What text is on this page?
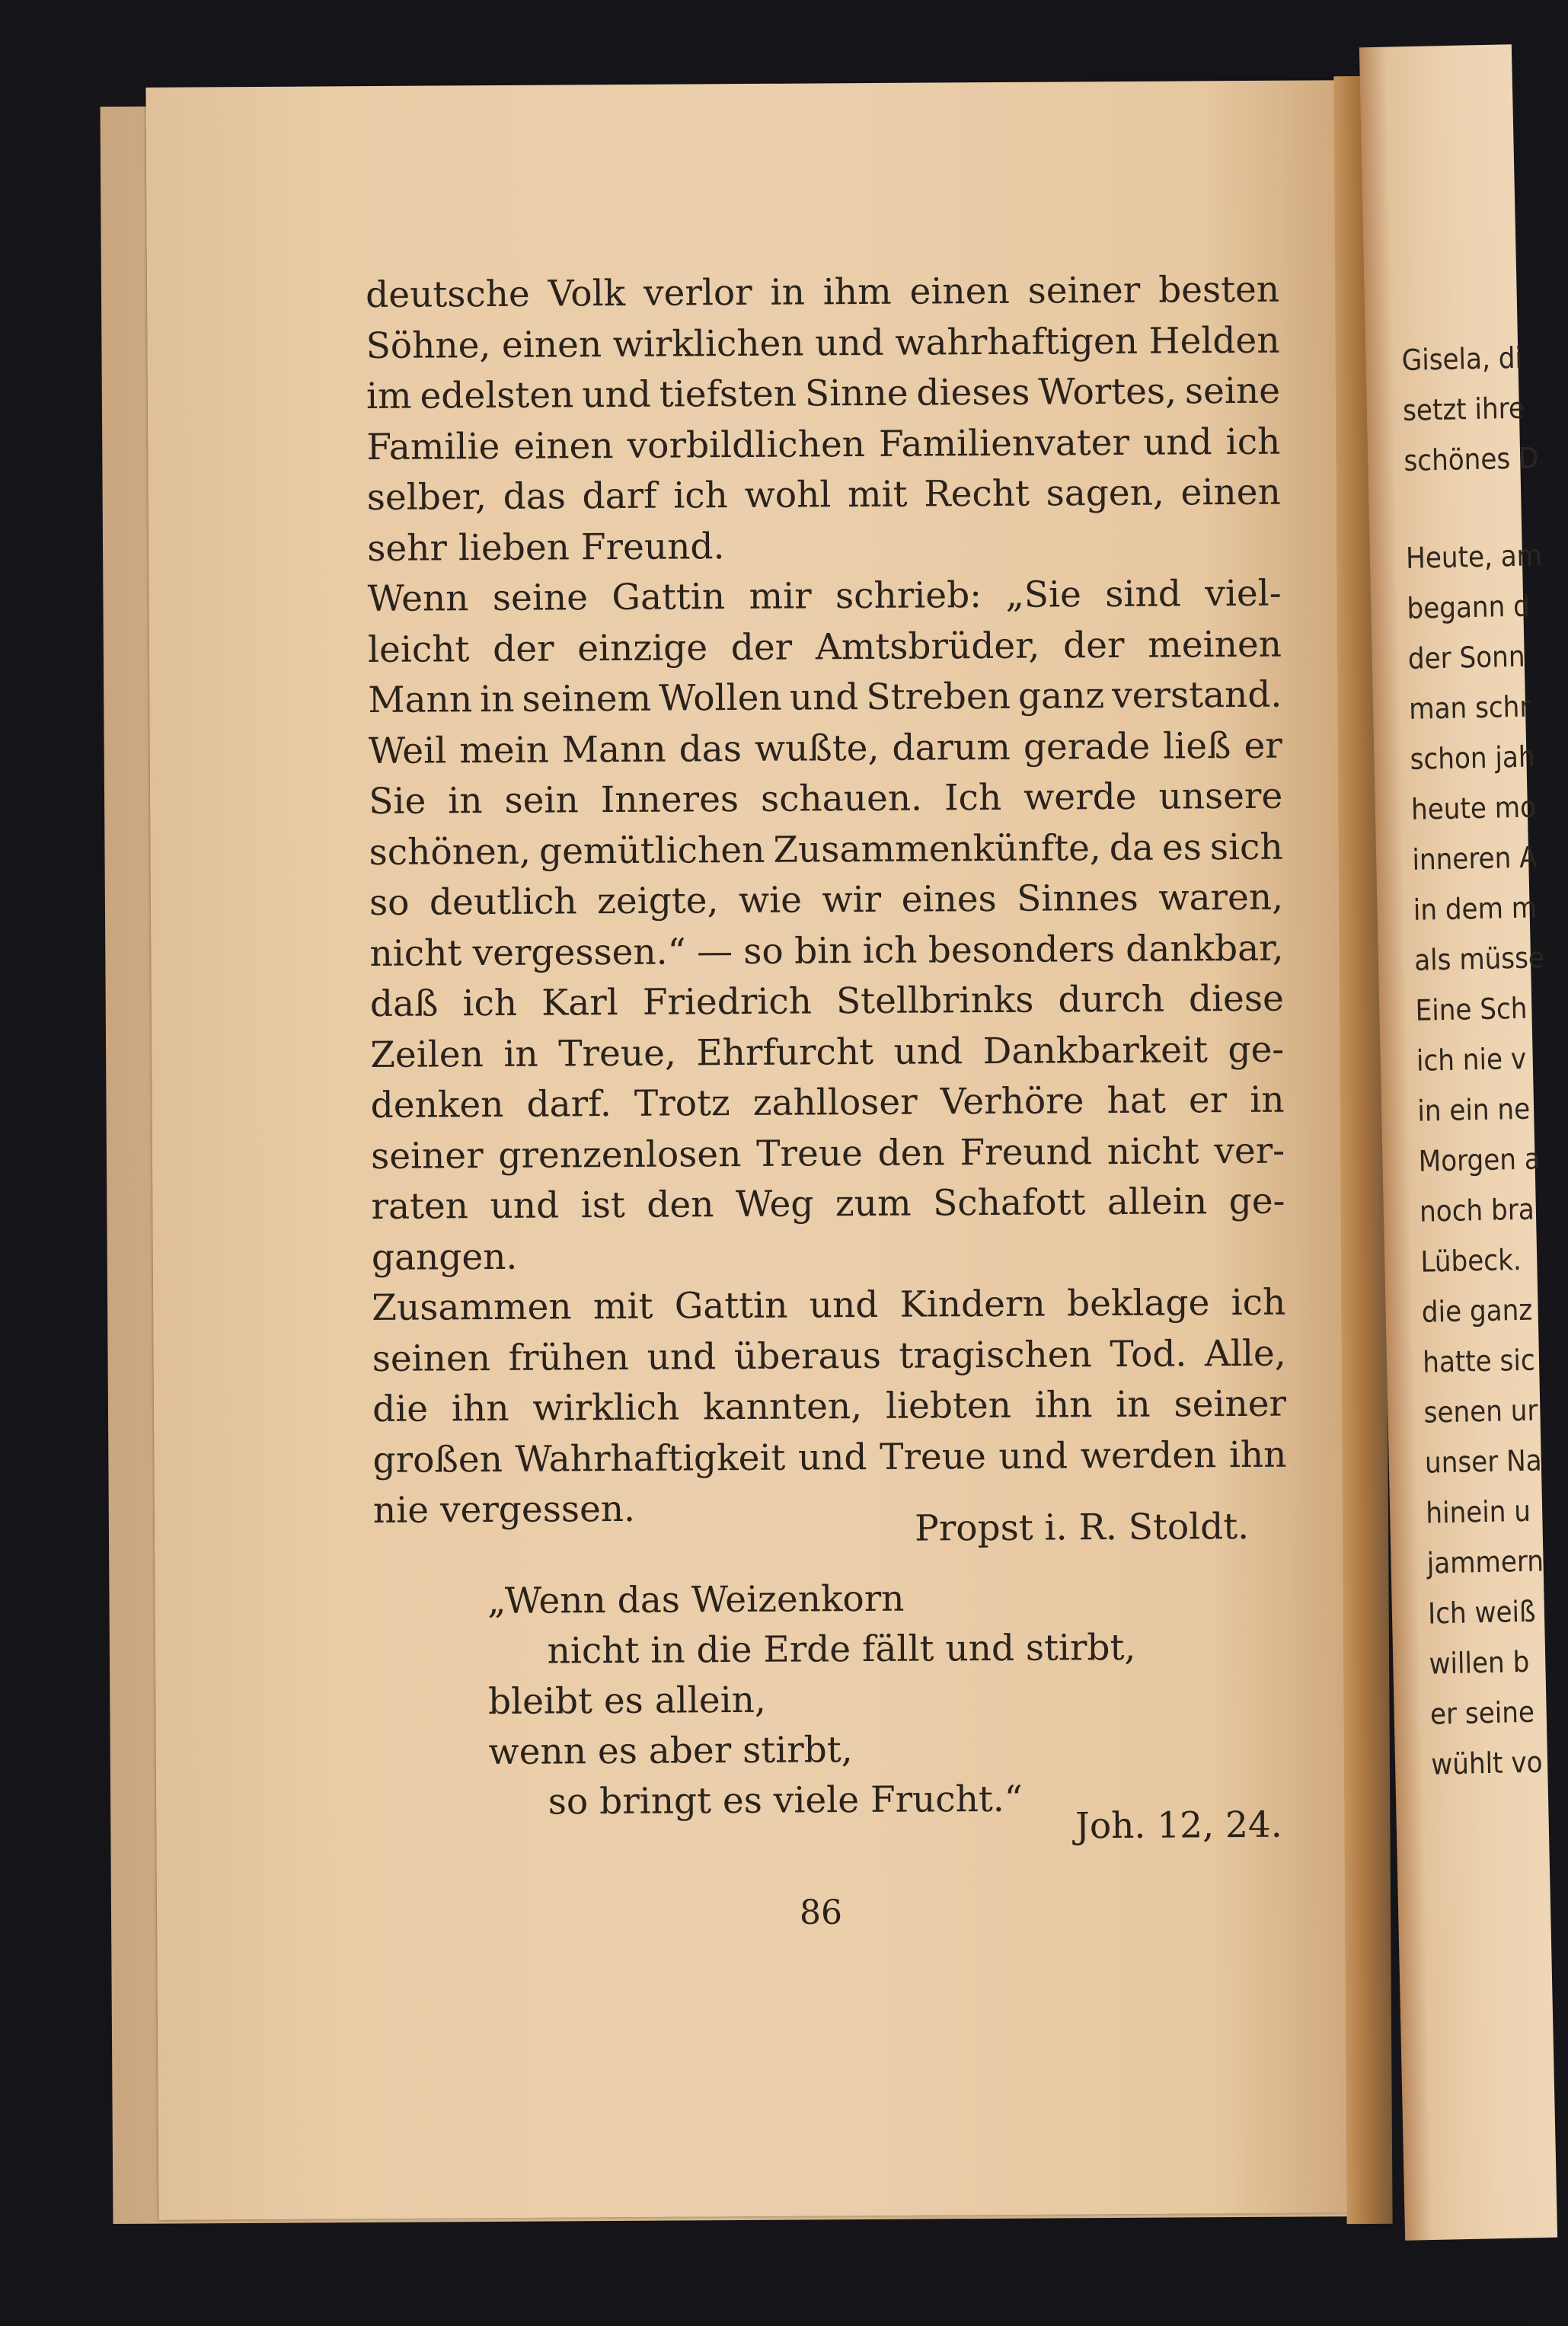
deutsche Volk verlor in ihm einen seiner besten
Söhne, einen wirklichen und wahrhaftigen Helden
im edelsten und tiefsten Sinne dieses Wortes, seine
Familie einen vorbildlichen Familienvater und ich
selber, das darf ich wohl mit Recht sagen, einen
sehr lieben Freund.
Wenn seine Gattin mir schrieb: „Sie sind viel-
leicht der einzige der Amtsbrüder, der meinen
Mann in seinem Wollen und Streben ganz verstand.
Weil mein Mann das wußte, darum gerade ließ er
Sie in sein Inneres schauen. Ich werde unsere
schönen, gemütlichen Zusammenkünfte, da es sich
so deutlich zeigte, wie wir eines Sinnes waren,
nicht vergessen.“ — so bin ich besonders dankbar,
daß ich Karl Friedrich Stellbrinks durch diese
Zeilen in Treue, Ehrfurcht und Dankbarkeit ge-
denken darf. Trotz zahlloser Verhöre hat er in
seiner grenzenlosen Treue den Freund nicht ver-
raten und ist den Weg zum Schafott allein ge-
gangen.
Zusammen mit Gattin und Kindern beklage ich
seinen frühen und überaus tragischen Tod. Alle,
die ihn wirklich kannten, liebten ihn in seiner
großen Wahrhaftigkeit und Treue und werden ihn
nie vergessen.	Propst i. R. Stoldt.
„Wenn das Weizenkorn
nicht in die Erde fällt und stirbt,
bleibt es allein,
wenn es aber stirbt,
so bringt es viele Frucht.“
Joh. 12, 24.
86
Gisela, di
setzt ihre
schönes D
Heute, am
begann d
der Sonn
man schr
schon jah
heute mo
inneren A
in dem m
als müsse
Eine Sch
ich nie v
in ein ne
Morgen a
noch bra
Lübeck.
die ganz
hatte sic
senen ur
unser Na
hinein u
jammern
Ich weiß
willen b
er seine
wühlt vo
